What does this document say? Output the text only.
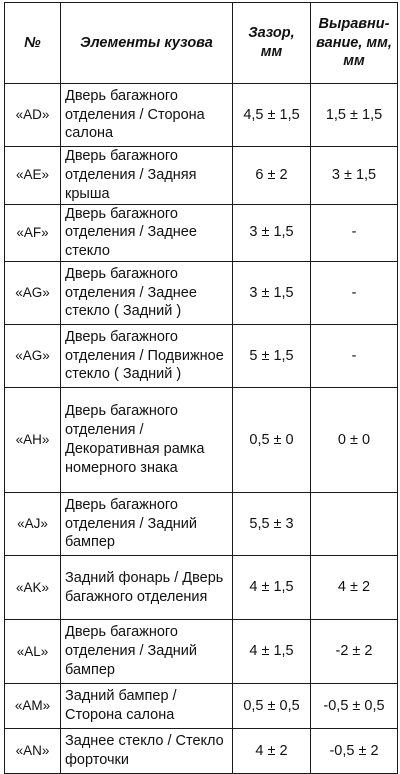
№	Элементы кузова	Зазор, мм	Выравни-вание, мм, мм
«AD»	Дверь багажного отделения / Сторона салона	4,5 ± 1,5	1,5 ± 1,5
«AE»	Дверь багажного отделения / Задняя крыша	6 ± 2	3 ± 1,5
«AF»	Дверь багажного отделения / Заднее стекло	3 ± 1,5	-
«AG»	Дверь багажного отделения / Заднее стекло ( Задний )	3 ± 1,5	-
«AG»	Дверь багажного отделения / Подвижное стекло ( Задний )	5 ± 1,5	-
«AH»	Дверь багажного отделения / Декоративная рамка номерного знака	0,5 ± 0	0 ± 0
«AJ»	Дверь багажного отделения / Задний бампер	5,5 ± 3	
«AK»	Задний фонарь / Дверь багажного отделения	4 ± 1,5	4 ± 2
«AL»	Дверь багажного отделения / Задний бампер	4 ± 1,5	-2 ± 2
«AM»	Задний бампер / Сторона салона	0,5 ± 0,5	-0,5 ± 0,5
«AN»	Заднее стекло / Стекло форточки	4 ± 2	-0,5 ± 2
